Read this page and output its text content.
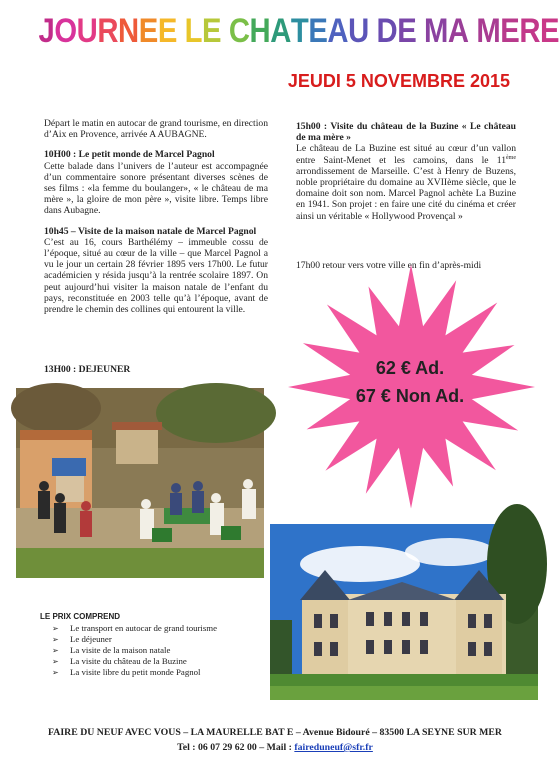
JOURNEE LE CHATEAU DE MA MERE
JEUDI 5 NOVEMBRE 2015

Départ le matin en autocar de grand tourisme, en direction d’Aix en Provence, arrivée A AUBAGNE.

10H00 : Le petit monde de Marcel Pagnol

Cette balade dans l’univers de l’auteur est accompagnée d’un commentaire sonore présentant diverses scènes de ses films : «la femme du boulanger», « le château de ma mère », la gloire de mon père », visite libre. Temps libre dans Aubagne.

10h45 – Visite de la maison natale de Marcel Pagnol

C’est au 16, cours Barthélémy – immeuble cossu de l’époque, situé au cœur de la ville – que Marcel Pagnol a vu le jour un certain 28 février 1895 vers 17h00. Le futur académicien y résida jusqu’à la rentrée scolaire 1897. On peut aujourd’hui visiter la maison natale de l’enfant du pays, reconstituée en 2003 telle qu’à l’époque, avant de prendre le chemin des collines qui entourent la ville.

13H00 : DEJEUNER
15h00 : Visite du château de la Buzine « Le château de ma mère »

Le château de La Buzine est situé au cœur d’un vallon entre Saint-Menet et les camoins, dans le 11ème arrondissement de Marseille. C’est à Henry de Buzens, noble propriétaire du domaine au XVIIème siècle, que le domaine doit son nom. Marcel Pagnol achète La Buzine en 1941. Son projet : en faire une cité du cinéma et créer ainsi un véritable « Hollywood Provençal »

17h00 retour vers votre ville en fin d’après-midi
62 € Ad.
67 € Non Ad.
LE PRIX COMPREND
➢ Le transport en autocar de grand tourisme
➢ Le déjeuner
➢ La visite de la maison natale
➢ La visite du château de la Buzine
➢ La visite libre du petit monde Pagnol
FAIRE DU NEUF AVEC VOUS – LA MAURELLE BAT E – Avenue Bidouré – 83500 LA SEYNE SUR MER
Tel : 06 07 29 62 00 – Mail : faireduneuf@sfr.fr
